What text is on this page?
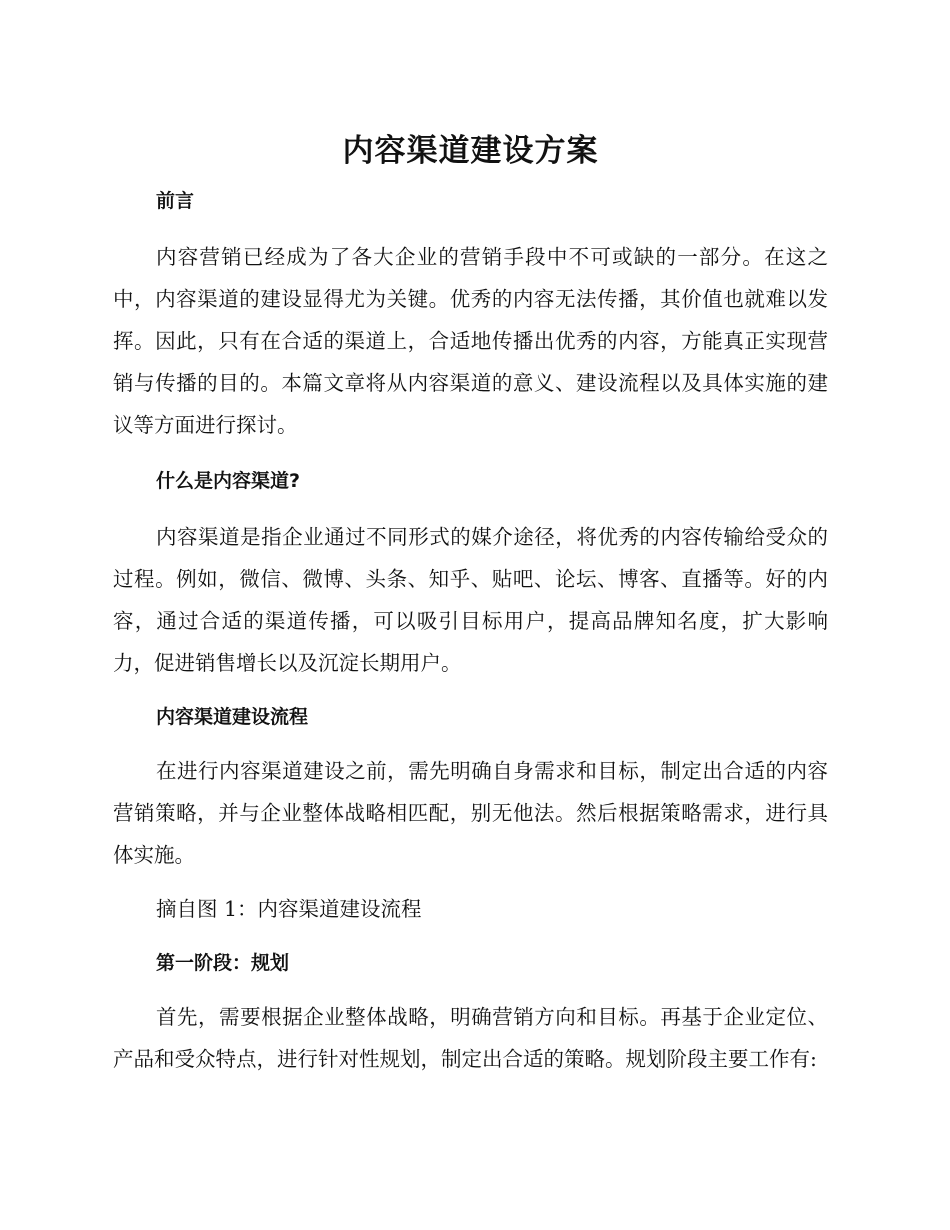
内容渠道建设方案
前言

内容营销已经成为了各大企业的营销手段中不可或缺的一部分。在这之中，内容渠道的建设显得尤为关键。优秀的内容无法传播，其价值也就难以发挥。因此，只有在合适的渠道上，合适地传播出优秀的内容，方能真正实现营销与传播的目的。本篇文章将从内容渠道的意义、建设流程以及具体实施的建议等方面进行探讨。

什么是内容渠道?

内容渠道是指企业通过不同形式的媒介途径，将优秀的内容传输给受众的过程。例如，微信、微博、头条、知乎、贴吧、论坛、博客、直播等。好的内容，通过合适的渠道传播，可以吸引目标用户，提高品牌知名度，扩大影响力，促进销售增长以及沉淀长期用户。

内容渠道建设流程

在进行内容渠道建设之前，需先明确自身需求和目标，制定出合适的内容营销策略，并与企业整体战略相匹配，别无他法。然后根据策略需求，进行具体实施。

摘自图 1：内容渠道建设流程

第一阶段：规划

首先，需要根据企业整体战略，明确营销方向和目标。再基于企业定位、产品和受众特点，进行针对性规划，制定出合适的策略。规划阶段主要工作有:
